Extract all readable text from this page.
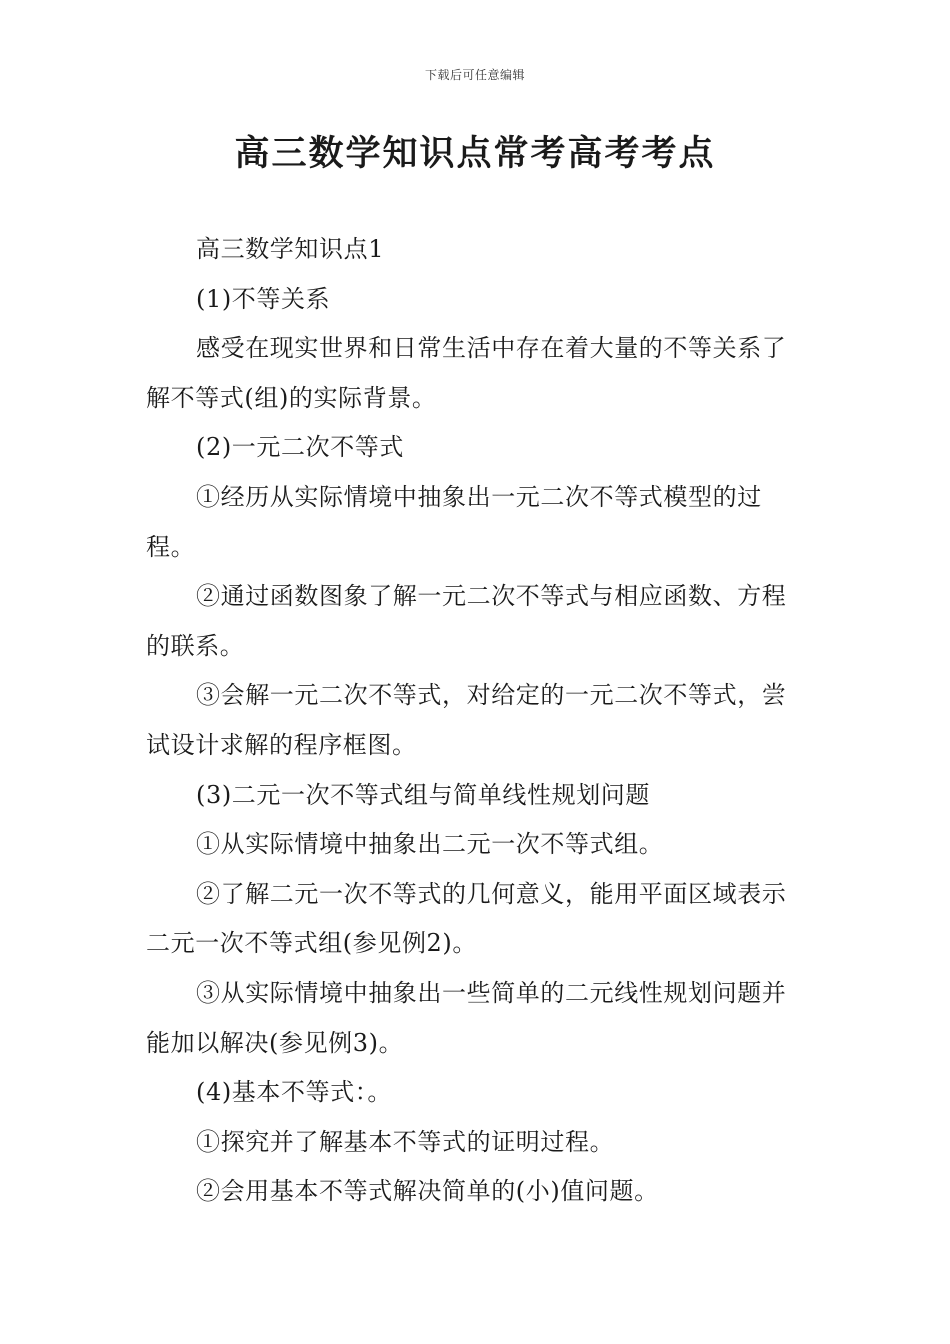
下载后可任意编辑
高三数学知识点常考高考考点

高三数学知识点1

(1)不等关系

感受在现实世界和日常生活中存在着大量的不等关系了解不等式(组)的实际背景。

(2)一元二次不等式

①经历从实际情境中抽象出一元二次不等式模型的过程。

②通过函数图象了解一元二次不等式与相应函数、方程的联系。

③会解一元二次不等式，对给定的一元二次不等式，尝试设计求解的程序框图。

(3)二元一次不等式组与简单线性规划问题

①从实际情境中抽象出二元一次不等式组。

②了解二元一次不等式的几何意义，能用平面区域表示二元一次不等式组(参见例2)。

③从实际情境中抽象出一些简单的二元线性规划问题并能加以解决(参见例3)。

(4)基本不等式：。

①探究并了解基本不等式的证明过程。

②会用基本不等式解决简单的(小)值问题。
